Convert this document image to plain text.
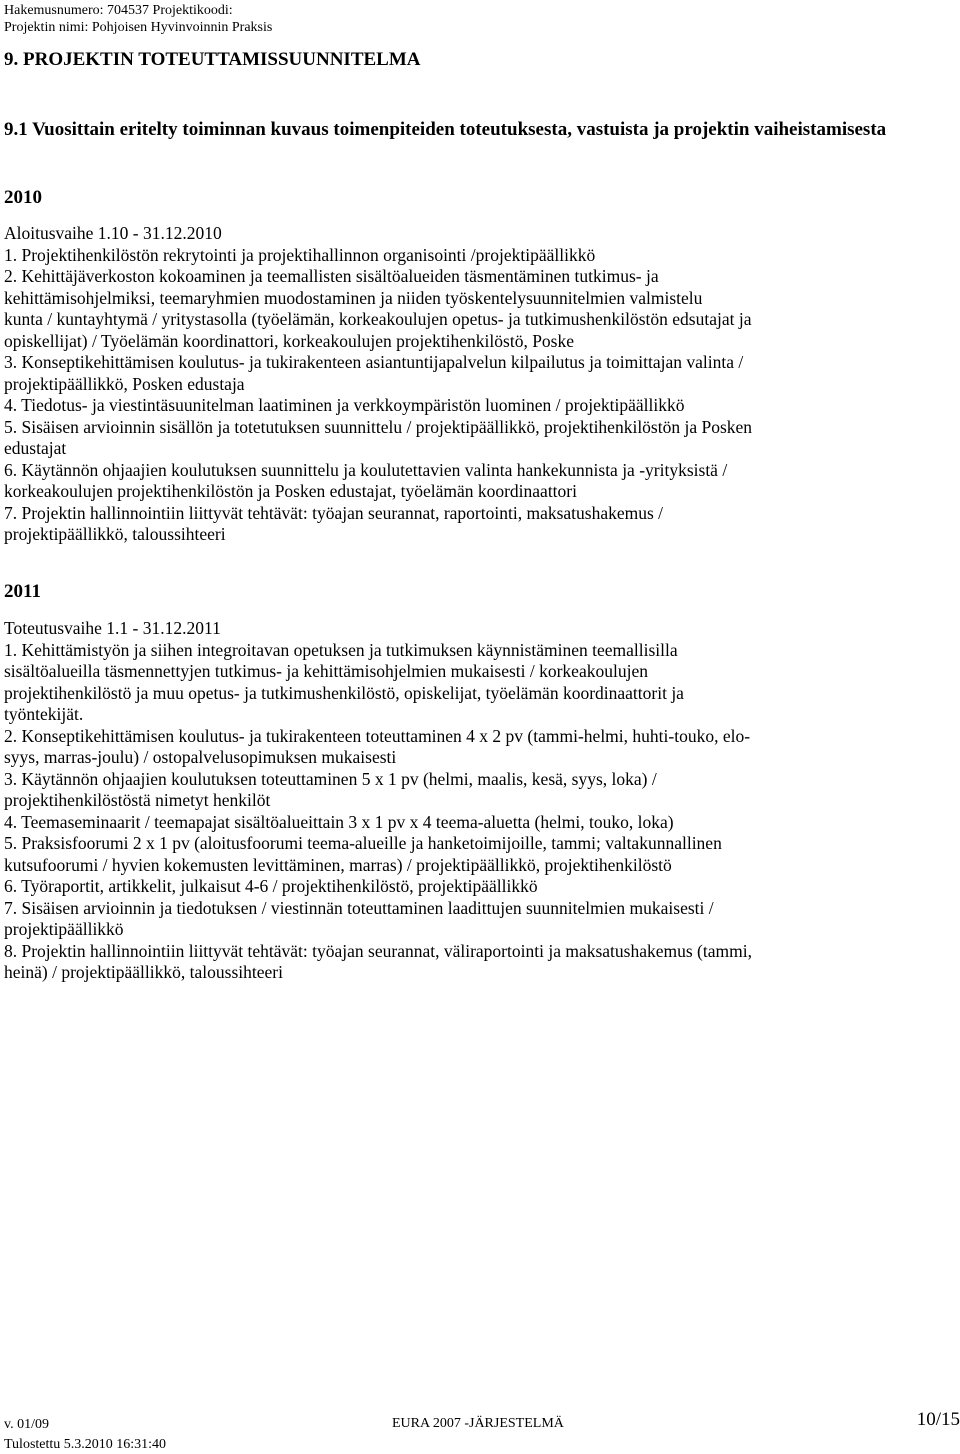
Hakemusnumero: 704537 Projektikoodi:
Projektin nimi: Pohjoisen Hyvinvoinnin Praksis
9. PROJEKTIN TOTEUTTAMISSUUNNITELMA
9.1 Vuosittain eritelty toiminnan kuvaus toimenpiteiden toteutuksesta, vastuista ja projektin vaiheistamisesta
2010
Aloitusvaihe 1.10 - 31.12.2010
1. Projektihenkilöstön rekrytointi ja projektihallinnon organisointi /projektipäällikkö
2. Kehittäjäverkoston kokoaminen ja teemallisten sisältöalueiden täsmentäminen tutkimus- ja
kehittämisohjelmiksi, teemaryhmien muodostaminen ja niiden työskentelysuunnitelmien valmistelu
kunta / kuntayhtymä / yritystasolla (työelämän, korkeakoulujen opetus- ja tutkimushenkilöstön edsutajat ja
opiskellijat) / Työelämän koordinattori, korkeakoulujen projektihenkilöstö, Poske
3. Konseptikehittämisen koulutus- ja tukirakenteen asiantuntijapalvelun kilpailutus ja toimittajan valinta /
projektipäällikkö, Posken edustaja
4. Tiedotus- ja viestintäsuunitelman laatiminen ja verkkoympäristön luominen / projektipäällikkö
5. Sisäisen arvioinnin sisällön ja totetutuksen suunnittelu / projektipäällikkö, projektihenkilöstön ja Posken
edustajat
6. Käytännön ohjaajien koulutuksen suunnittelu ja koulutettavien valinta hankekunnista ja -yrityksistä /
korkeakoulujen projektihenkilöstön ja Posken edustajat, työelämän koordinaattori
7. Projektin hallinnointiin liittyvät tehtävät: työajan seurannat, raportointi, maksatushakemus /
projektipäällikkö, taloussihteeri
2011
Toteutusvaihe 1.1 - 31.12.2011
1. Kehittämistyön ja siihen integroitavan opetuksen ja tutkimuksen käynnistäminen teemallisilla
sisältöalueilla täsmennettyjen tutkimus- ja kehittämisohjelmien mukaisesti / korkeakoulujen
projektihenkilöstö ja muu opetus- ja tutkimushenkilöstö, opiskelijat, työelämän koordinaattorit ja
työntekijät.
2. Konseptikehittämisen koulutus- ja tukirakenteen toteuttaminen 4 x 2 pv (tammi-helmi, huhti-touko, elo-
syys, marras-joulu) / ostopalvelusopimuksen mukaisesti
3. Käytännön ohjaajien koulutuksen toteuttaminen 5 x 1 pv (helmi, maalis, kesä, syys, loka) /
projektihenkilöstöstä nimetyt henkilöt
4. Teemaseminaarit / teemapajat sisältöalueittain 3 x 1 pv x 4 teema-aluetta (helmi, touko, loka)
5. Praksisfoorumi 2 x 1 pv (aloitusfoorumi teema-alueille ja hanketoimijoille, tammi; valtakunnallinen
kutsufoorumi / hyvien kokemusten levittäminen, marras) / projektipäällikkö, projektihenkilöstö
6. Työraportit, artikkelit, julkaisut 4-6 / projektihenkilöstö, projektipäällikkö
7. Sisäisen arvioinnin ja tiedotuksen / viestinnän toteuttaminen laadittujen suunnitelmien mukaisesti /
projektipäällikkö
8. Projektin hallinnointiin liittyvät tehtävät: työajan seurannat, väliraportointi ja maksatushakemus (tammi,
heinä) / projektipäällikkö, taloussihteeri
v. 01/09	EURA 2007 -JÄRJESTELMÄ	10/15
Tulostettu 5.3.2010 16:31:40
